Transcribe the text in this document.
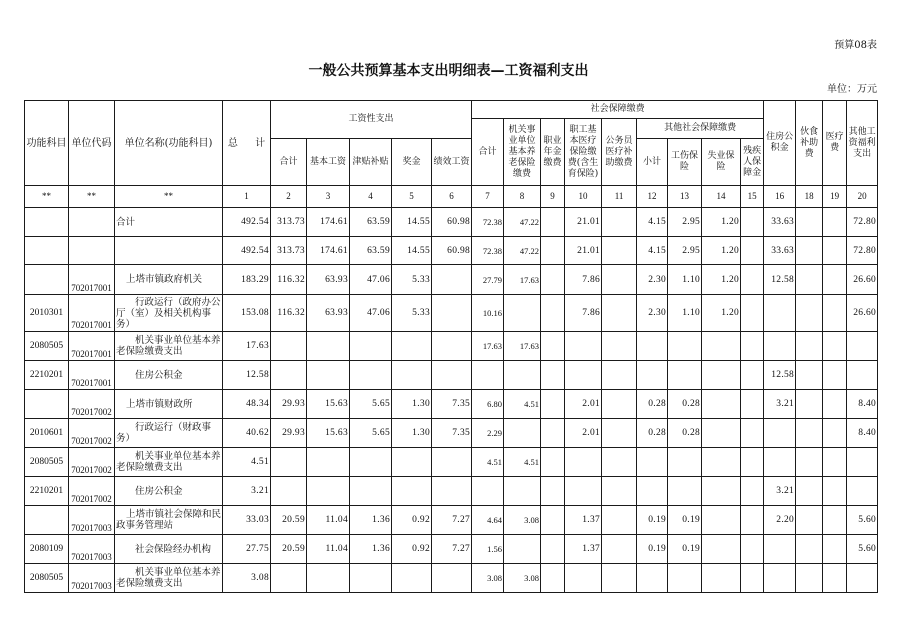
预算08表
一般公共预算基本支出明细表—工资福利支出
单位：万元
功能科目	单位代码	单位名称(功能科目)	总 计	工资性支出					社会保障缴费									住房公积金	伙食补助费	医疗费	其他工资福利支出
									合计	机关事业单位基本养老保险缴费	职业年金缴费	职工基本医疗保险缴费(含生育保险)	公务员医疗补助缴费	其他社会保障缴费							
				合计	基本工资	津贴补贴	奖金	绩效工资						小计	工伤保险	失业保险	残疾人保障金				
**	**	**	1	2	3	4	5	6	7	8	9	10	11	12	13	14	15	16	18	19	20
		合计	492.54	313.73	174.61	63.59	14.55	60.98	72.38	47.22		21.01		4.15	2.95	1.20		33.63			72.80
			492.54	313.73	174.61	63.59	14.55	60.98	72.38	47.22		21.01		4.15	2.95	1.20		33.63			72.80
	702017001	上塔市镇政府机关	183.29	116.32	63.93	47.06	5.33		27.79	17.63		7.86		2.30	1.10	1.20		12.58			26.60
2010301	702017001	行政运行（政府办公厅（室）及相关机构事务）	153.08	116.32	63.93	47.06	5.33		10.16			7.86		2.30	1.10	1.20					26.60
2080505	702017001	机关事业单位基本养老保险缴费支出	17.63						17.63	17.63											
2210201	702017001	住房公积金	12.58															12.58			
	702017002	上塔市镇财政所	48.34	29.93	15.63	5.65	1.30	7.35	6.80	4.51		2.01		0.28	0.28			3.21			8.40
2010601	702017002	行政运行（财政事务）	40.62	29.93	15.63	5.65	1.30	7.35	2.29			2.01		0.28	0.28						8.40
2080505	702017002	机关事业单位基本养老保险缴费支出	4.51						4.51	4.51											
2210201	702017002	住房公积金	3.21															3.21			
	702017003	上塔市镇社会保障和民政事务管理站	33.03	20.59	11.04	1.36	0.92	7.27	4.64	3.08		1.37		0.19	0.19			2.20			5.60
2080109	702017003	社会保险经办机构	27.75	20.59	11.04	1.36	0.92	7.27	1.56			1.37		0.19	0.19						5.60
2080505	702017003	机关事业单位基本养老保险缴费支出	3.08						3.08	3.08											
